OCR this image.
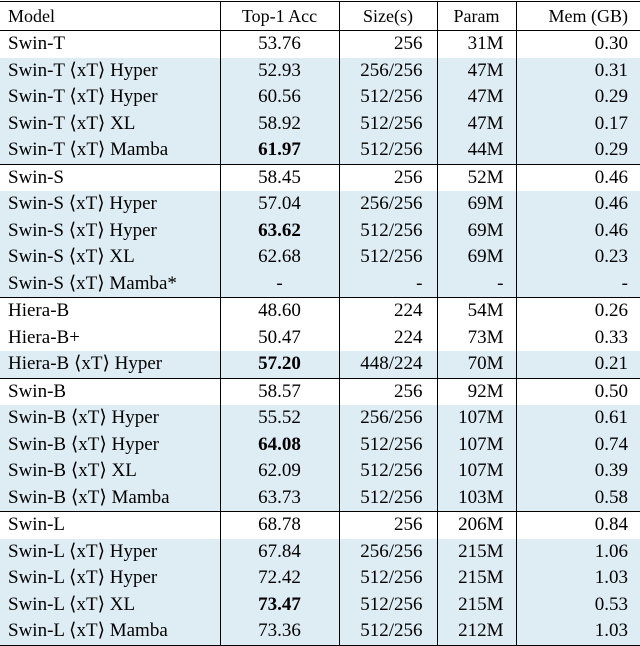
Model	Top-1 Acc	Size(s)	Param	Mem (GB)
Swin-T	53.76	256	31M	0.30
Swin-T ⟨xT⟩ Hyper	52.93	256/256	47M	0.31
Swin-T ⟨xT⟩ Hyper	60.56	512/256	47M	0.29
Swin-T ⟨xT⟩ XL	58.92	512/256	47M	0.17
Swin-T ⟨xT⟩ Mamba	61.97	512/256	44M	0.29
Swin-S	58.45	256	52M	0.46
Swin-S ⟨xT⟩ Hyper	57.04	256/256	69M	0.46
Swin-S ⟨xT⟩ Hyper	63.62	512/256	69M	0.46
Swin-S ⟨xT⟩ XL	62.68	512/256	69M	0.23
Swin-S ⟨xT⟩ Mamba*	-	-	-	-
Hiera-B	48.60	224	54M	0.26
Hiera-B+	50.47	224	73M	0.33
Hiera-B ⟨xT⟩ Hyper	57.20	448/224	70M	0.21
Swin-B	58.57	256	92M	0.50
Swin-B ⟨xT⟩ Hyper	55.52	256/256	107M	0.61
Swin-B ⟨xT⟩ Hyper	64.08	512/256	107M	0.74
Swin-B ⟨xT⟩ XL	62.09	512/256	107M	0.39
Swin-B ⟨xT⟩ Mamba	63.73	512/256	103M	0.58
Swin-L	68.78	256	206M	0.84
Swin-L ⟨xT⟩ Hyper	67.84	256/256	215M	1.06
Swin-L ⟨xT⟩ Hyper	72.42	512/256	215M	1.03
Swin-L ⟨xT⟩ XL	73.47	512/256	215M	0.53
Swin-L ⟨xT⟩ Mamba	73.36	512/256	212M	1.03
